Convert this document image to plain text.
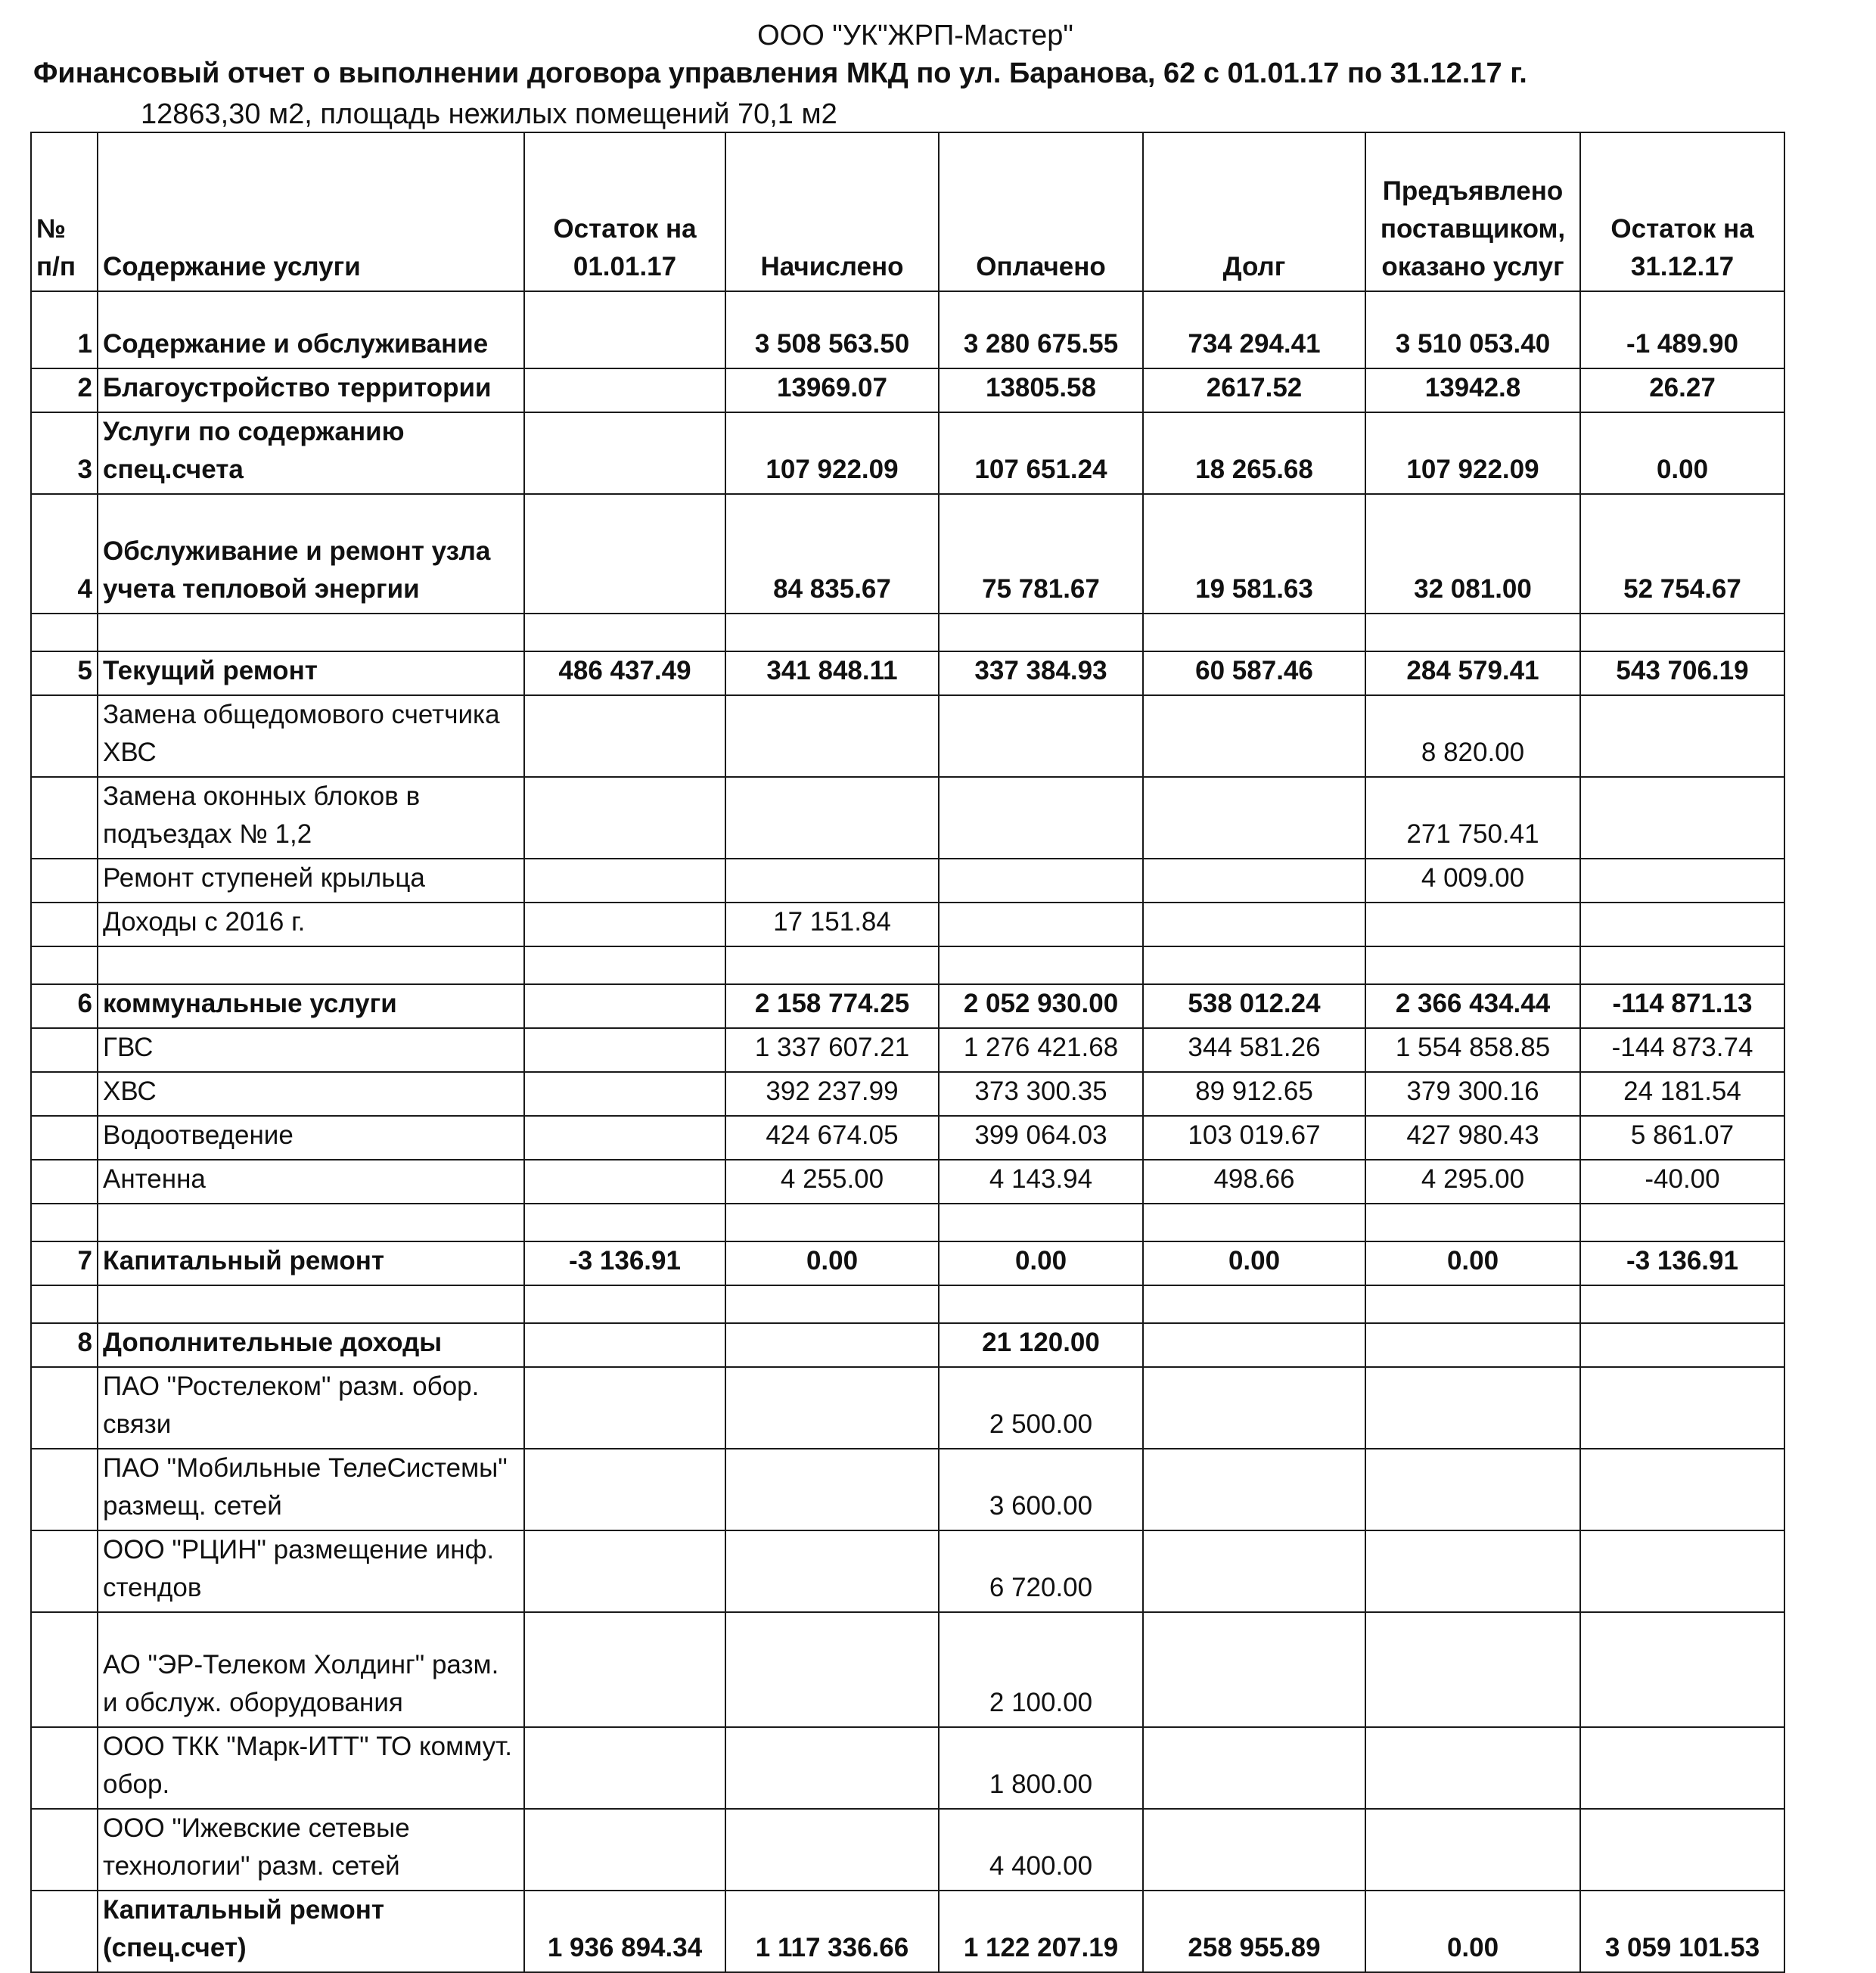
ООО "УК"ЖРП-Мастер"
Финансовый отчет о выполнении договора управления МКД по ул. Баранова, 62 с 01.01.17 по 31.12.17 г.
12863,30 м2, площадь нежилых помещений 70,1 м2
№ п/п	Содержание услуги	Остаток на 01.01.17	Начислено	Оплачено	Долг	Предъявлено поставщиком, оказано услуг	Остаток на 31.12.17
1	Содержание и обслуживание		3 508 563.50	3 280 675.55	734 294.41	3 510 053.40	-1 489.90
2	Благоустройство территории		13969.07	13805.58	2617.52	13942.8	26.27
3	Услуги по содержанию спец.счета		107 922.09	107 651.24	18 265.68	107 922.09	0.00
4	Обслуживание и ремонт узла учета тепловой энергии		84 835.67	75 781.67	19 581.63	32 081.00	52 754.67

5	Текущий ремонт	486 437.49	341 848.11	337 384.93	60 587.46	284 579.41	543 706.19
	Замена общедомового счетчика ХВС					8 820.00	
	Замена оконных блоков в подъездах № 1,2					271 750.41	
	Ремонт ступеней крыльца					4 009.00	
	Доходы с 2016 г.		17 151.84				

6	коммунальные услуги		2 158 774.25	2 052 930.00	538 012.24	2 366 434.44	-114 871.13
	ГВС		1 337 607.21	1 276 421.68	344 581.26	1 554 858.85	-144 873.74
	ХВС		392 237.99	373 300.35	89 912.65	379 300.16	24 181.54
	Водоотведение		424 674.05	399 064.03	103 019.67	427 980.43	5 861.07
	Антенна		4 255.00	4 143.94	498.66	4 295.00	-40.00

7	Капитальный ремонт	-3 136.91	0.00	0.00	0.00	0.00	-3 136.91

8	Дополнительные доходы			21 120.00			
	ПАО "Ростелеком" разм. обор. связи			2 500.00			
	ПАО "Мобильные ТелеСистемы" размещ. сетей			3 600.00			
	ООО "РЦИН" размещение инф. стендов			6 720.00			
	АО "ЭР-Телеком Холдинг" разм. и обслуж. оборудования			2 100.00			
	ООО ТКК "Марк-ИТТ" ТО коммут. обор.			1 800.00			
	ООО "Ижевские сетевые технологии" разм. сетей			4 400.00			
	Капитальный ремонт (спец.счет)	1 936 894.34	1 117 336.66	1 122 207.19	258 955.89	0.00	3 059 101.53
